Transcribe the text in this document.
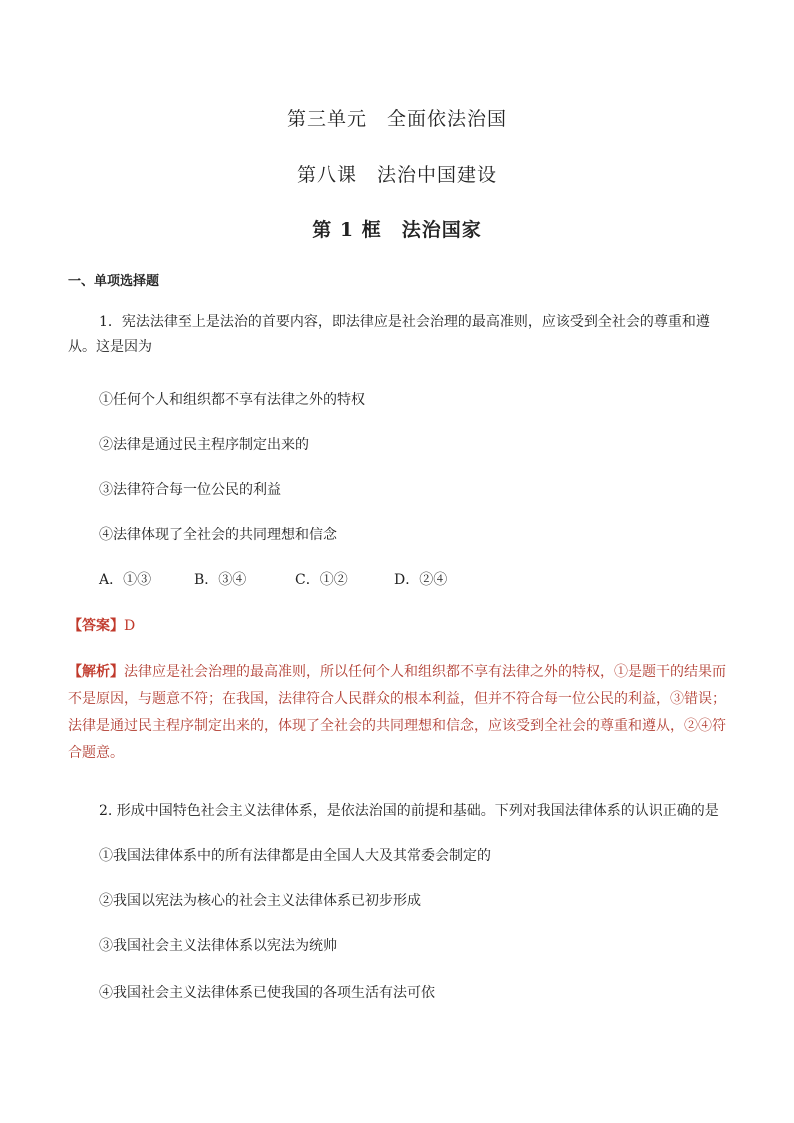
第三单元　全面依法治国
第八课　法治中国建设
第 1 框　法治国家
一、单项选择题
1．宪法法律至上是法治的首要内容，即法律应是社会治理的最高准则，应该受到全社会的尊重和遵从。这是因为
①任何个人和组织都不享有法律之外的特权
②法律是通过民主程序制定出来的
③法律符合每一位公民的利益
④法律体现了全社会的共同理想和信念
A．①③	B．③④	C．①②	D．②④
【答案】D
【解析】法律应是社会治理的最高准则，所以任何个人和组织都不享有法律之外的特权，①是题干的结果而不是原因，与题意不符；在我国，法律符合人民群众的根本利益，但并不符合每一位公民的利益，③错误；法律是通过民主程序制定出来的，体现了全社会的共同理想和信念，应该受到全社会的尊重和遵从，②④符合题意。
2. 形成中国特色社会主义法律体系，是依法治国的前提和基础。下列对我国法律体系的认识正确的是
①我国法律体系中的所有法律都是由全国人大及其常委会制定的
②我国以宪法为核心的社会主义法律体系已初步形成
③我国社会主义法律体系以宪法为统帅
④我国社会主义法律体系已使我国的各项生活有法可依
